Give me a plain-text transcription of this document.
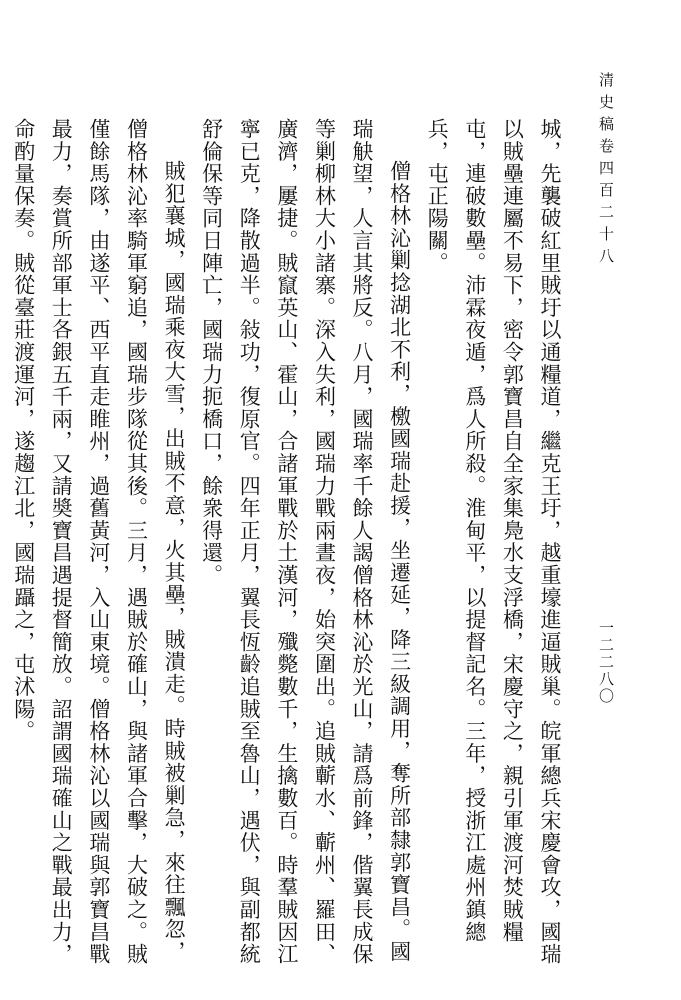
清史稿卷四百二十八
一二二八〇

城，先襲破紅里賊圩以通糧道，繼克王圩，越重壕進逼賊巢。皖軍總兵宋慶會攻，國瑞以賊壘連屬不易下，密令郭寶昌自全家集鳧水支浮橋，宋慶守之，親引軍渡河焚賊糧屯，連破數壘。沛霖夜遁，爲人所殺。淮甸平，以提督記名。三年，授浙江處州鎮總兵，屯正陽關。

僧格林沁剿捻湖北不利，檄國瑞赴援，坐遷延，降三級調用，奪所部隸郭寶昌。國瑞觖望，人言其將反。八月，國瑞率千餘人謁僧格林沁於光山，請爲前鋒，偕翼長成保等剿柳林大小諸寨。深入失利，國瑞力戰兩晝夜，始突圍出。追賊蘄水、蘄州、羅田、廣濟，屢捷。賊竄英山、霍山，合諸軍戰於土漢河，殲斃數千，生擒數百。時羣賊因江寧已克，降散過半。敍功，復原官。四年正月，翼長恆齡追賊至魯山，遇伏，與副都統舒倫保等同日陣亡，國瑞力扼橋口，餘衆得還。

賊犯襄城，國瑞乘夜大雪，出賊不意，火其壘，賊潰走。時賊被剿急，來往飄忽，僧格林沁率騎軍窮追，國瑞步隊從其後。三月，遇賊於確山，與諸軍合擊，大破之。賊僅餘馬隊，由遂平、西平直走睢州，過舊黃河，入山東境。僧格林沁以國瑞與郭寶昌戰最力，奏賞所部軍士各銀五千兩，又請奬寶昌遇提督簡放。詔謂國瑞確山之戰最出力，命酌量保奏。賊從臺莊渡運河，遂趨江北，國瑞躡之，屯沭陽。
